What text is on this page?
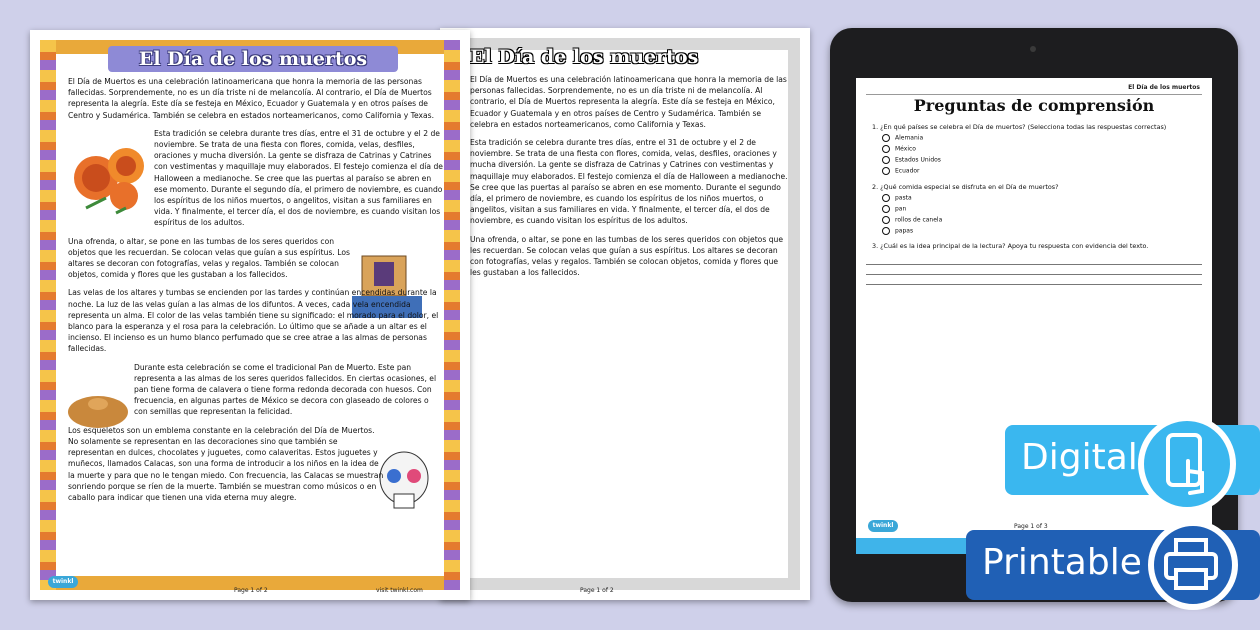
El Día de los muertos

El Día de Muertos es una celebración latinoamericana que honra la memoria de las personas fallecidas. Sorprendemente, no es un día triste ni de melancolía. Al contrario, el Día de Muertos representa la alegría. Este día se festeja en México, Ecuador y Guatemala y en otros países de Centro y Sudamérica. También se celebra en estados norteamericanos, como California y Texas.

Esta tradición se celebra durante tres días, entre el 31 de octubre y el 2 de noviembre. Se trata de una fiesta con flores, comida, velas, desfiles, oraciones y mucha diversión. La gente se disfraza de Catrinas y Catrines con vestimentas y maquillaje muy elaborados. El festejo comienza el día de Halloween a medianoche. Se cree que las puertas al paraíso se abren en ese momento. Durante el segundo día, el primero de noviembre, es cuando los espíritus de los niños muertos, o angelitos, visitan a sus familiares en vida. Y finalmente, el tercer día, el dos de noviembre, es cuando visitan los espíritus de los adultos.

Una ofrenda, o altar, se pone en las tumbas de los seres queridos con objetos que les recuerdan. Se colocan velas que guían a sus espíritus. Los altares se decoran con fotografías, velas y regalos. También se colocan objetos, comida y flores que les gustaban a los fallecidos.

Page 1 of 2
El Día de los muertos

El Día de Muertos es una celebración latinoamericana que honra la memoria de las personas fallecidas. Sorprendemente, no es un día triste ni de melancolía. Al contrario, el Día de Muertos representa la alegría. Este día se festeja en México, Ecuador y Guatemala y en otros países de Centro y Sudamérica. También se celebra en estados norteamericanos, como California y Texas.

Esta tradición se celebra durante tres días, entre el 31 de octubre y el 2 de noviembre. Se trata de una fiesta con flores, comida, velas, desfiles, oraciones y mucha diversión. La gente se disfraza de Catrinas y Catrines con vestimentas y maquillaje muy elaborados. El festejo comienza el día de Halloween a medianoche. Se cree que las puertas al paraíso se abren en ese momento. Durante el segundo día, el primero de noviembre, es cuando los espíritus de los niños muertos, o angelitos, visitan a sus familiares en vida. Y finalmente, el tercer día, el dos de noviembre, es cuando visitan los espíritus de los adultos.

Una ofrenda, o altar, se pone en las tumbas de los seres queridos con objetos que les recuerdan. Se colocan velas que guían a sus espíritus. Los altares se decoran con fotografías, velas y regalos. También se colocan objetos, comida y flores que les gustaban a los fallecidos.

Las velas de los altares y tumbas se encienden por las tardes y continúan encendidas durante la noche. La luz de las velas guían a las almas de los difuntos. A veces, cada vela encendida representa un alma. El color de las velas también tiene su significado: el morado para el dolor, el blanco para la esperanza y el rosa para la celebración. Lo último que se añade a un altar es el incienso. El incienso es un humo blanco perfumado que se cree atrae a las almas de personas fallecidas.

Durante esta celebración se come el tradicional Pan de Muerto. Este pan representa a las almas de los seres queridos fallecidos. En ciertas ocasiones, el pan tiene forma de calavera o tiene forma redonda decorada con huesos. Con frecuencia, en algunas partes de México se decora con glaseado de colores o con semillas que representan la felicidad.

Los esqueletos son un emblema constante en la celebración del Día de Muertos. No solamente se representan en las decoraciones sino que también se representan en dulces, chocolates y juguetes, como calaveritas. Estos juguetes y muñecos, llamados Calacas, son una forma de introducir a los niños en la idea de la muerte y para que no le tengan miedo. Con frecuencia, las Calacas se muestran sonriendo porque se ríen de la muerte. También se muestran como músicos o en caballo para indicar que tienen una vida eterna muy alegre.

twinkl
Page 1 of 2	visit twinkl.com
El Día de los muertos
Preguntas de comprensión
1. ¿En qué países se celebra el Día de muertos? (Selecciona todas las respuestas correctas)
Alemania
México
Estados Unidos
Ecuador
2. ¿Qué comida especial se disfruta en el Día de muertos?
pasta
pan
rollos de canela
papas
3. ¿Cuál es la idea principal de la lectura? Apoya tu respuesta con evidencia del texto.
twinkl	Page 1 of 3
Digital
Printable
